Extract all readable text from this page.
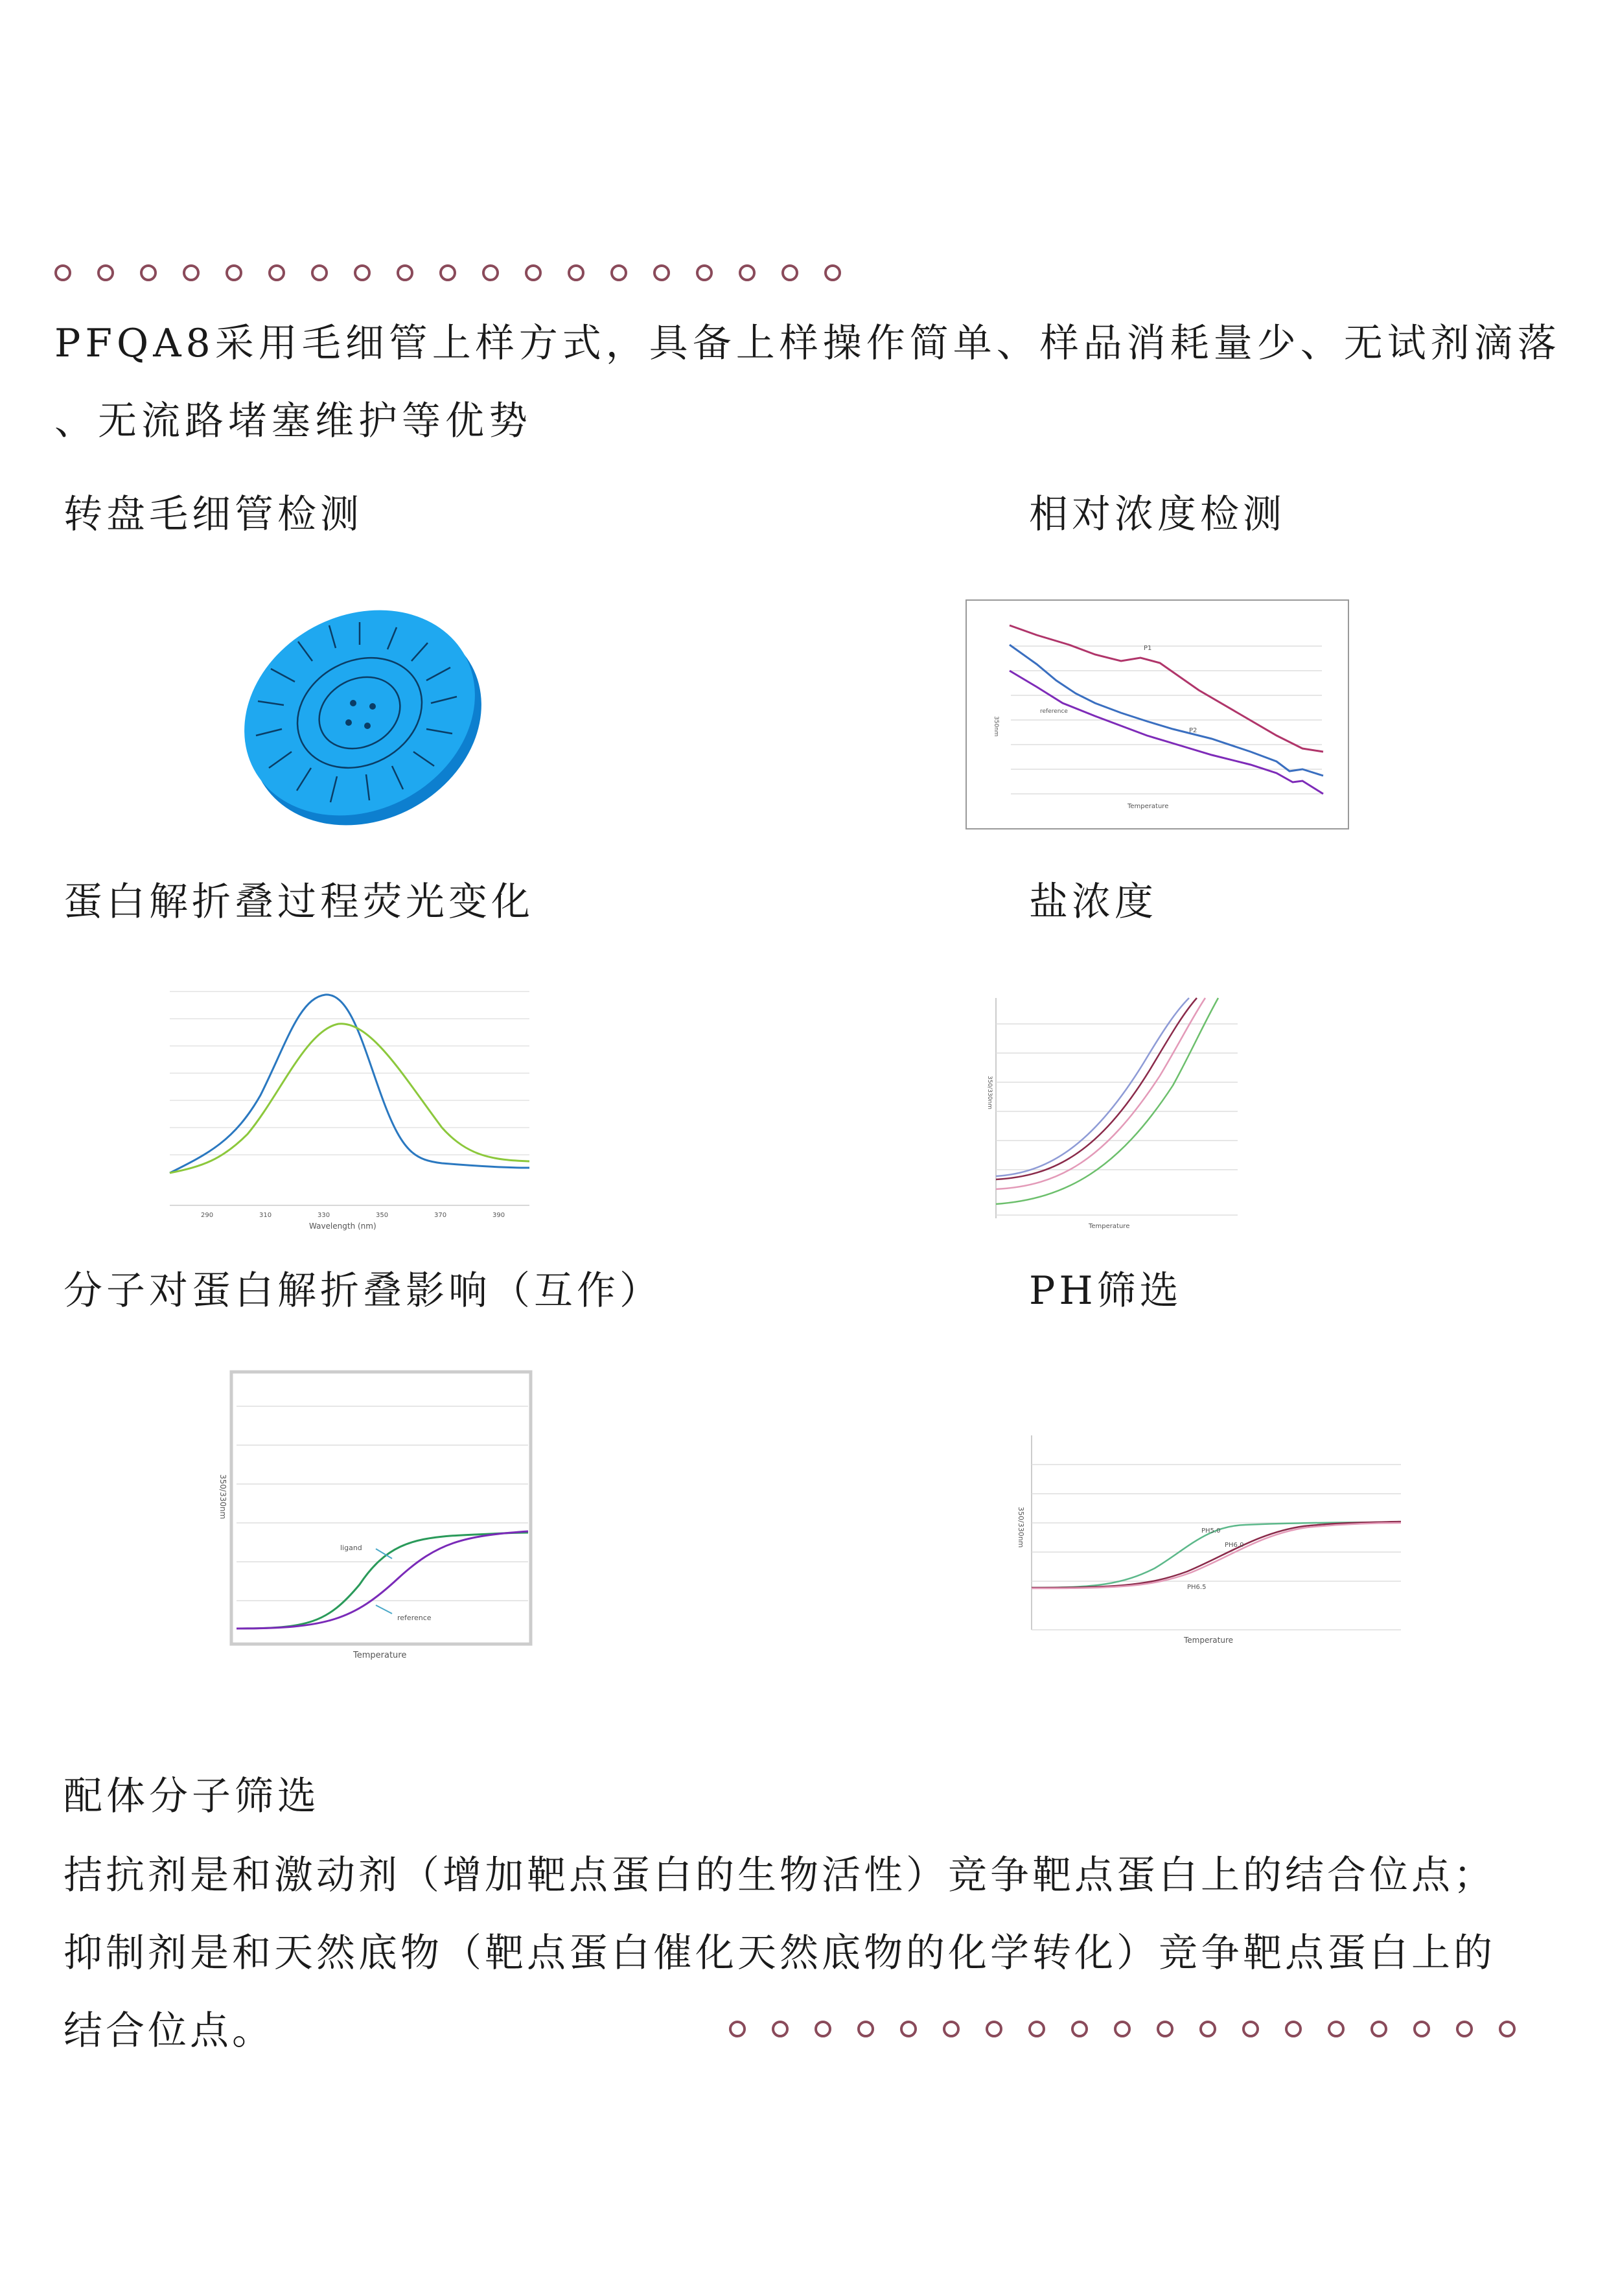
PFQA8采用毛细管上样方式，具备上样操作简单、样品消耗量少、无试剂滴落
、无流路堵塞维护等优势
转盘毛细管检测	相对浓度检测
蛋白解折叠过程荧光变化	盐浓度
分子对蛋白解折叠影响（互作）	PH筛选
P1
P2
reference
350nm
Temperature
290	310	330	350	370	390
Wavelength (nm)
350/330nm
Temperature
ligand
reference
350/330nm
Temperature
PH5.0
PH6.0
PH6.5
350/330nm
Temperature
配体分子筛选
拮抗剂是和激动剂（增加靶点蛋白的生物活性）竞争靶点蛋白上的结合位点；
抑制剂是和天然底物（靶点蛋白催化天然底物的化学转化）竞争靶点蛋白上的
结合位点。
